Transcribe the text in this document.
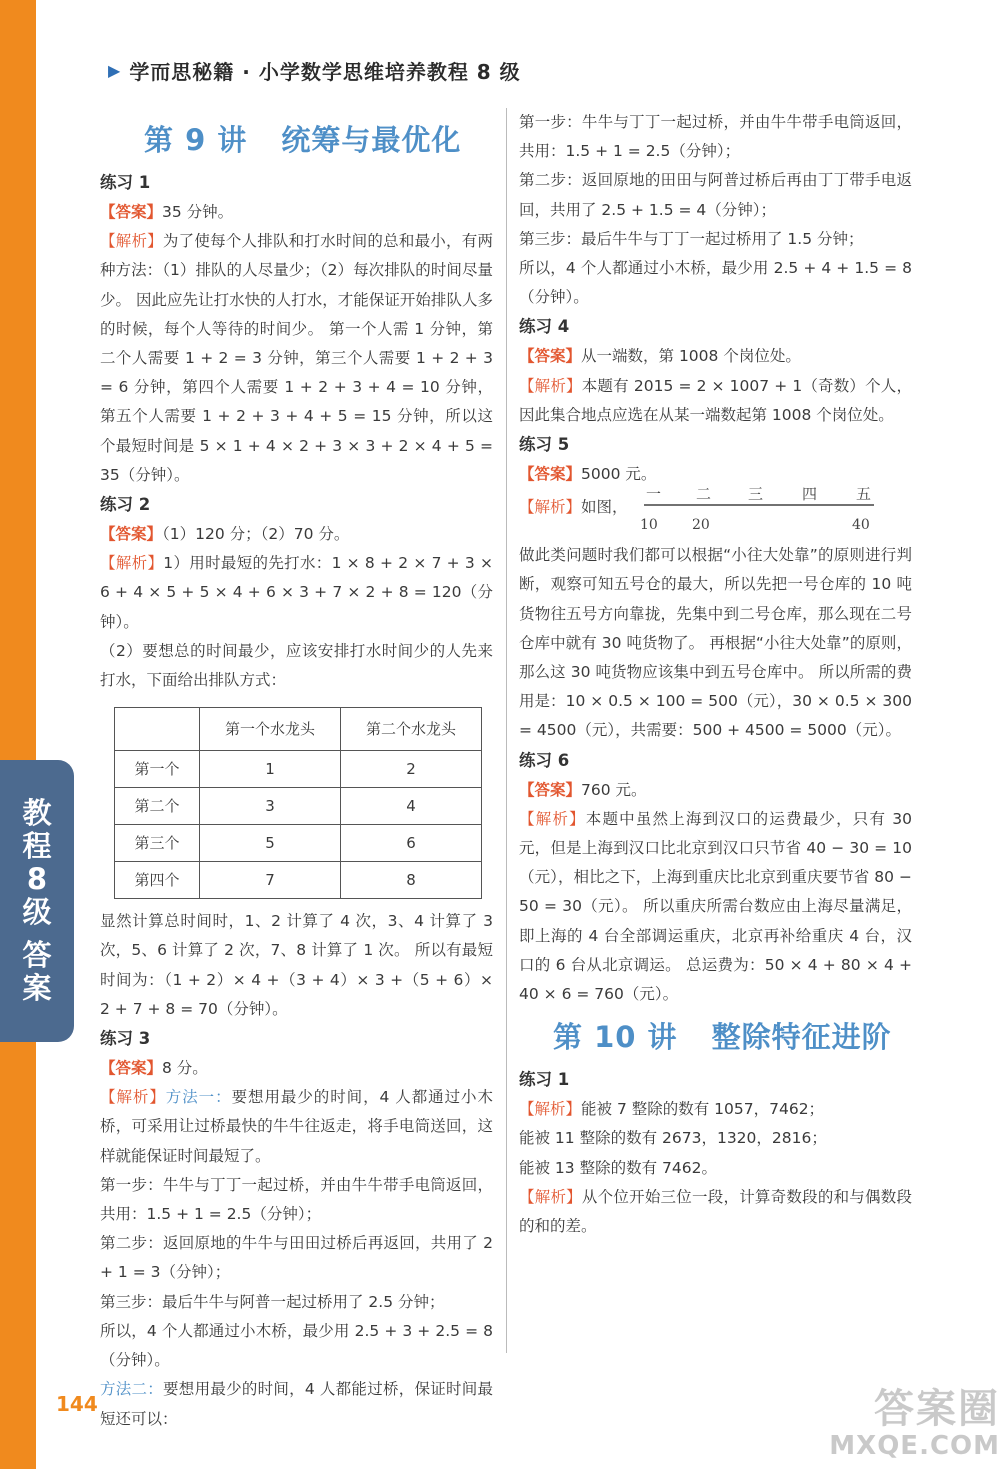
教
程
8
级
答
案
▶ 学而思秘籍 · 小学数学思维培养教程 8 级
第 9 讲 统筹与最优化
练习 1

【答案】35 分钟。

【解析】为了使每个人排队和打水时间的总和最小，有两种方法：（1）排队的人尽量少；（2）每次排队的时间尽量少。 因此应先让打水快的人打水，才能保证开始排队人多的时候，每个人等待的时间少。 第一个人需 1 分钟，第二个人需要 1 + 2 = 3 分钟，第三个人需要 1 + 2 + 3 = 6 分钟，第四个人需要 1 + 2 + 3 + 4 = 10 分钟，第五个人需要 1 + 2 + 3 + 4 + 5 = 15 分钟，所以这个最短时间是 5 × 1 + 4 × 2 + 3 × 3 + 2 × 4 + 5 = 35（分钟）。

练习 2

【答案】（1）120 分；（2）70 分。

【解析】1）用时最短的先打水：1 × 8 + 2 × 7 + 3 × 6 + 4 × 5 + 5 × 4 + 6 × 3 + 7 × 2 + 8 = 120（分钟）。

（2）要想总的时间最少，应该安排打水时间少的人先来打水，下面给出排队方式：

	第一个水龙头	第二个水龙头
第一个	1	2
第二个	3	4
第三个	5	6
第四个	7	8

显然计算总时间时，1、2 计算了 4 次，3、4 计算了 3 次，5、6 计算了 2 次，7、8 计算了 1 次。 所以有最短时间为：（1 + 2）× 4 +（3 + 4）× 3 +（5 + 6）× 2 + 7 + 8 = 70（分钟）。

练习 3

【答案】8 分。

【解析】方法一：要想用最少的时间，4 人都通过小木桥，可采用让过桥最快的牛牛往返走，将手电筒送回，这样就能保证时间最短了。

第一步：牛牛与丁丁一起过桥，并由牛牛带手电筒返回，共用：1.5 + 1 = 2.5（分钟）；

第二步：返回原地的牛牛与田田过桥后再返回，共用了 2 + 1 = 3（分钟）；

第三步：最后牛牛与阿普一起过桥用了 2.5 分钟；

所以，4 个人都通过小木桥，最少用 2.5 + 3 + 2.5 = 8（分钟）。

方法二：要想用最少的时间，4 人都能过桥，保证时间最短还可以：

第一步：牛牛与丁丁一起过桥，并由牛牛带手电筒返回，共用：1.5 + 1 = 2.5（分钟）；

第二步：返回原地的田田与阿普过桥后再由丁丁带手电返回，共用了 2.5 + 1.5 = 4（分钟）；

第三步：最后牛牛与丁丁一起过桥用了 1.5 分钟；

所以，4 个人都通过小木桥，最少用 2.5 + 4 + 1.5 = 8（分钟）。

练习 4

【答案】从一端数，第 1008 个岗位处。

【解析】本题有 2015 = 2 × 1007 + 1（奇数）个人，因此集合地点应选在从某一端数起第 1008 个岗位处。

练习 5

【答案】5000 元。

【解析】 如图，
一 二 三	四	五
10 20	40

做此类问题时我们都可以根据“小往大处靠”的原则进行判断，观察可知五号仓的最大，所以先把一号仓库的 10 吨货物往五号方向靠拢，先集中到二号仓库，那么现在二号仓库中就有 30 吨货物了。 再根据“小往大处靠”的原则，那么这 30 吨货物应该集中到五号仓库中。 所以所需的费用是：10 × 0.5 × 100 = 500（元），30 × 0.5 × 300 = 4500（元），共需要：500 + 4500 = 5000（元）。

练习 6

【答案】760 元。

【解析】本题中虽然上海到汉口的运费最少，只有 30 元，但是上海到汉口比北京到汉口只节省 40 − 30 = 10（元），相比之下，上海到重庆比北京到重庆要节省 80 − 50 = 30（元）。 所以重庆所需台数应由上海尽量满足，即上海的 4 台全部调运重庆，北京再补给重庆 4 台，汉口的 6 台从北京调运。 总运费为：50 × 4 + 80 × 4 + 40 × 6 = 760（元）。

第 10 讲 整除特征进阶
练习 1

【解析】能被 7 整除的数有 1057，7462；

能被 11 整除的数有 2673，1320，2816；

能被 13 整除的数有 7462。

【解析】从个位开始三位一段，计算奇数段的和与偶数段的和的差。

144	答案圈
MXQE.COM
